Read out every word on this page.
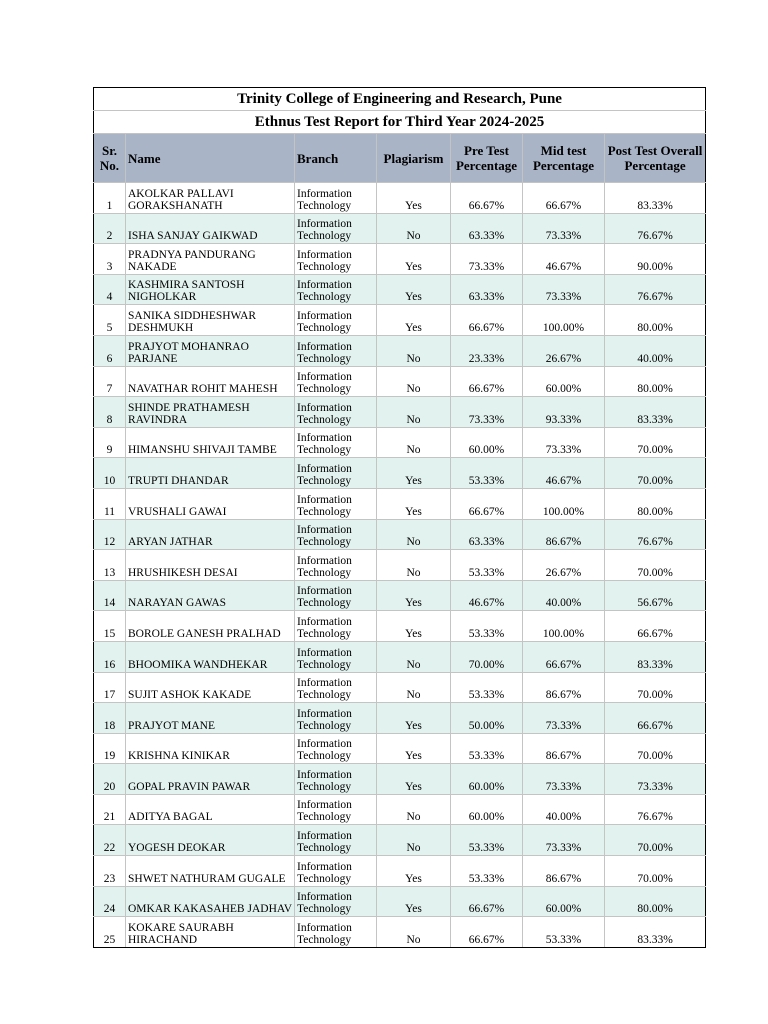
Trinity College of Engineering and Research, Pune						
Ethnus Test Report for Third Year 2024-2025						
Sr. No.	Name	Branch	Plagiarism	Pre Test Percentage	Mid test Percentage	Post Test Overall Percentage
1	AKOLKAR PALLAVI GORAKSHANATH	Information Technology	Yes	66.67%	66.67%	83.33%
2	ISHA SANJAY GAIKWAD	Information Technology	No	63.33%	73.33%	76.67%
3	PRADNYA PANDURANG NAKADE	Information Technology	Yes	73.33%	46.67%	90.00%
4	KASHMIRA SANTOSH NIGHOLKAR	Information Technology	Yes	63.33%	73.33%	76.67%
5	SANIKA SIDDHESHWAR DESHMUKH	Information Technology	Yes	66.67%	100.00%	80.00%
6	PRAJYOT MOHANRAO PARJANE	Information Technology	No	23.33%	26.67%	40.00%
7	NAVATHAR ROHIT MAHESH	Information Technology	No	66.67%	60.00%	80.00%
8	SHINDE PRATHAMESH RAVINDRA	Information Technology	No	73.33%	93.33%	83.33%
9	HIMANSHU SHIVAJI TAMBE	Information Technology	No	60.00%	73.33%	70.00%
10	TRUPTI DHANDAR	Information Technology	Yes	53.33%	46.67%	70.00%
11	VRUSHALI GAWAI	Information Technology	Yes	66.67%	100.00%	80.00%
12	ARYAN JATHAR	Information Technology	No	63.33%	86.67%	76.67%
13	HRUSHIKESH DESAI	Information Technology	No	53.33%	26.67%	70.00%
14	NARAYAN GAWAS	Information Technology	Yes	46.67%	40.00%	56.67%
15	BOROLE GANESH PRALHAD	Information Technology	Yes	53.33%	100.00%	66.67%
16	BHOOMIKA WANDHEKAR	Information Technology	No	70.00%	66.67%	83.33%
17	SUJIT ASHOK KAKADE	Information Technology	No	53.33%	86.67%	70.00%
18	PRAJYOT MANE	Information Technology	Yes	50.00%	73.33%	66.67%
19	KRISHNA KINIKAR	Information Technology	Yes	53.33%	86.67%	70.00%
20	GOPAL PRAVIN PAWAR	Information Technology	Yes	60.00%	73.33%	73.33%
21	ADITYA BAGAL	Information Technology	No	60.00%	40.00%	76.67%
22	YOGESH DEOKAR	Information Technology	No	53.33%	73.33%	70.00%
23	SHWET NATHURAM GUGALE	Information Technology	Yes	53.33%	86.67%	70.00%
24	OMKAR KAKASAHEB JADHAV	Information Technology	Yes	66.67%	60.00%	80.00%
25	KOKARE SAURABH HIRACHAND	Information Technology	No	66.67%	53.33%	83.33%
